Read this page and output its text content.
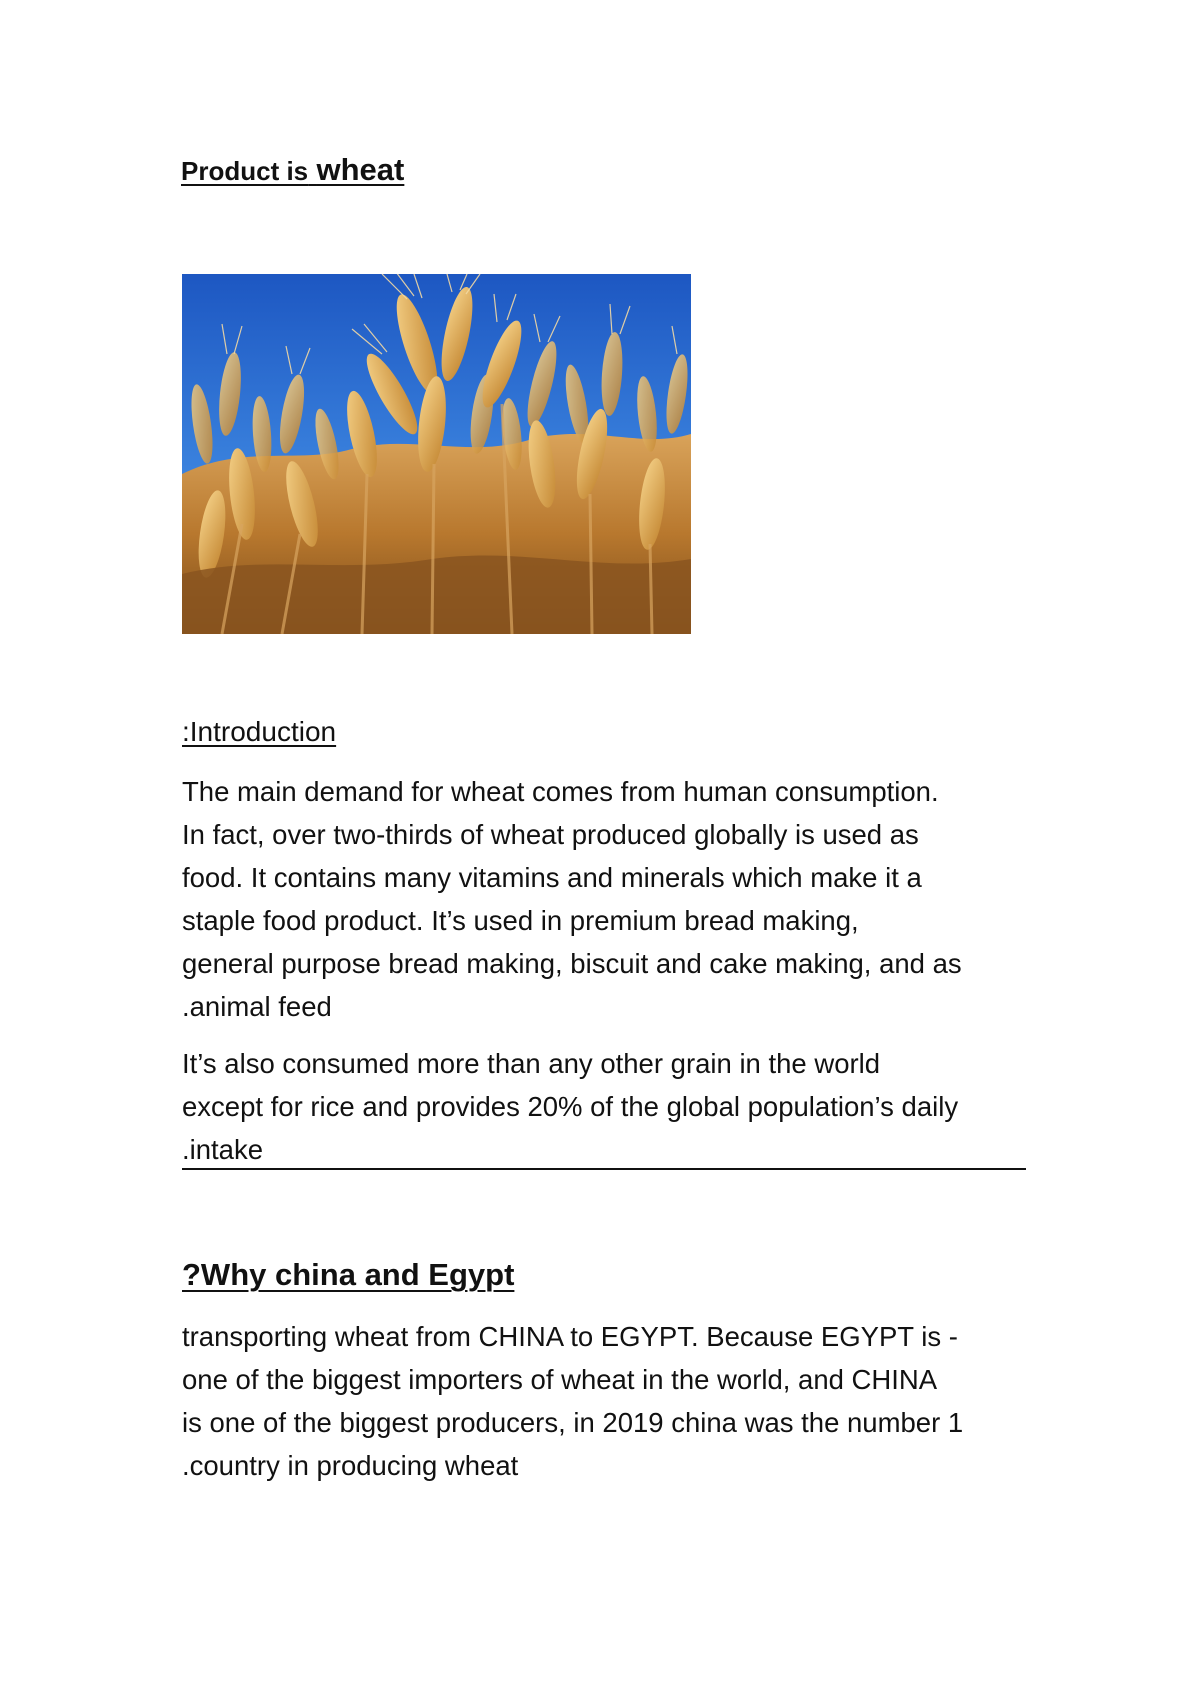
Product is wheat
:Introduction

The main demand for wheat comes from human consumption.
In fact, over two-thirds of wheat produced globally is used as
food. It contains many vitamins and minerals which make it a
staple food product. It’s used in premium bread making,
general purpose bread making, biscuit and cake making, and as
.animal feed

It’s also consumed more than any other grain in the world
except for rice and provides 20% of the global population’s daily
.intake

?Why china and Egypt

transporting wheat from CHINA to EGYPT. Because EGYPT is -
one of the biggest importers of wheat in the world, and CHINA
is one of the biggest producers, in 2019 china was the number 1
.country in producing wheat
